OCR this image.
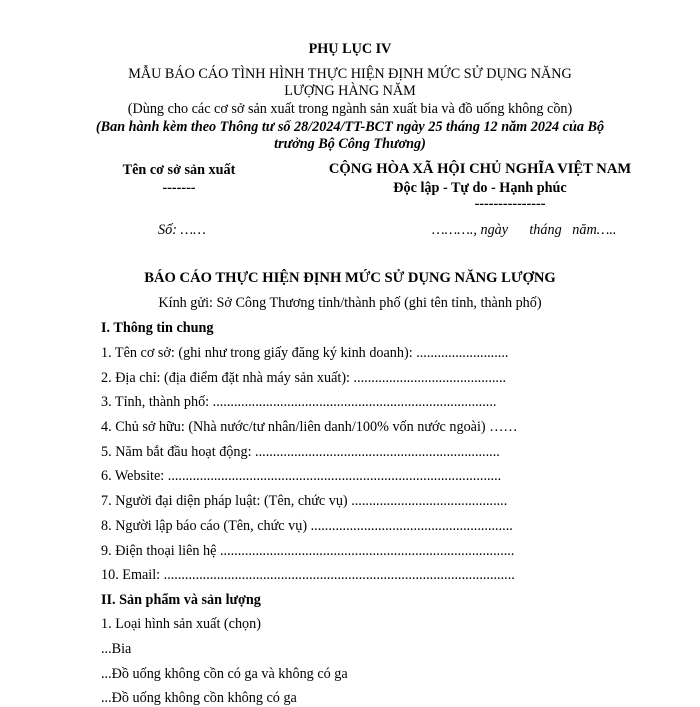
PHỤ LỤC IV
MẪU BÁO CÁO TÌNH HÌNH THỰC HIỆN ĐỊNH MỨC SỬ DỤNG NĂNG
LƯỢNG HÀNG NĂM
(Dùng cho các cơ sở sản xuất trong ngành sản xuất bia và đồ uống không cồn)
(Ban hành kèm theo Thông tư số 28/2024/TT-BCT ngày 25 tháng 12 năm 2024 của Bộ
trưởng Bộ Công Thương)
Tên cơ sở sản xuất
-------
CỘNG HÒA XÃ HỘI CHỦ NGHĨA VIỆT NAM
Độc lập - Tự do - Hạnh phúc
---------------
Số: ……	………., ngày      tháng   năm…..
BÁO CÁO THỰC HIỆN ĐỊNH MỨC SỬ DỤNG NĂNG LƯỢNG
Kính gửi: Sở Công Thương tỉnh/thành phố (ghi tên tỉnh, thành phố)
I. Thông tin chung
1. Tên cơ sở: (ghi như trong giấy đăng ký kinh doanh): ..........................
2. Địa chỉ: (địa điểm đặt nhà máy sản xuất): ...........................................
3. Tỉnh, thành phố: ................................................................................
4. Chủ sở hữu: (Nhà nước/tư nhân/liên danh/100% vốn nước ngoài) ……
5. Năm bắt đầu hoạt động: .....................................................................
6. Website: ..............................................................................................
7. Người đại diện pháp luật: (Tên, chức vụ) ............................................
8. Người lập báo cáo (Tên, chức vụ) .........................................................
9. Điện thoại liên hệ ...................................................................................
10. Email: ...................................................................................................
II. Sản phẩm và sản lượng
1. Loại hình sản xuất (chọn)
...Bia
...Đồ uống không cồn có ga và không có ga
...Đồ uống không cồn không có ga
